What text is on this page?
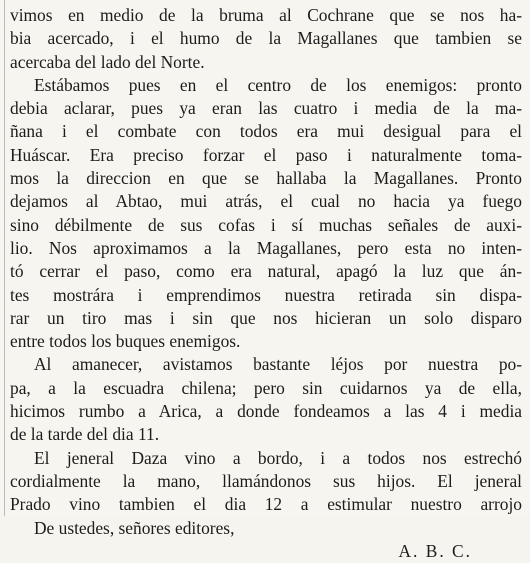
vimos en medio de la bruma al Cochrane que se nos ha-
bia acercado, i el humo de la Magallanes que tambien se
acercaba del lado del Norte.
Estábamos pues en el centro de los enemigos: pronto
debia aclarar, pues ya eran las cuatro i media de la ma-
ñana i el combate con todos era mui desigual para el
Huáscar. Era preciso forzar el paso i naturalmente toma-
mos la direccion en que se hallaba la Magallanes. Pronto
dejamos al Abtao, mui atrás, el cual no hacia ya fuego
sino débilmente de sus cofas i sí muchas señales de auxi-
lio. Nos aproximamos a la Magallanes, pero esta no inten-
tó cerrar el paso, como era natural, apagó la luz que án-
tes mostrára i emprendimos nuestra retirada sin dispa-
rar un tiro mas i sin que nos hicieran un solo disparo
entre todos los buques enemigos.
Al amanecer, avistamos bastante léjos por nuestra po-
pa, a la escuadra chilena; pero sin cuidarnos ya de ella,
hicimos rumbo a Arica, a donde fondeamos a las 4 i media
de la tarde del dia 11.
El jeneral Daza vino a bordo, i a todos nos estrechó
cordialmente la mano, llamándonos sus hijos. El jeneral
Prado vino tambien el dia 12 a estimular nuestro arrojo
De ustedes, señores editores,
A. B. C.
